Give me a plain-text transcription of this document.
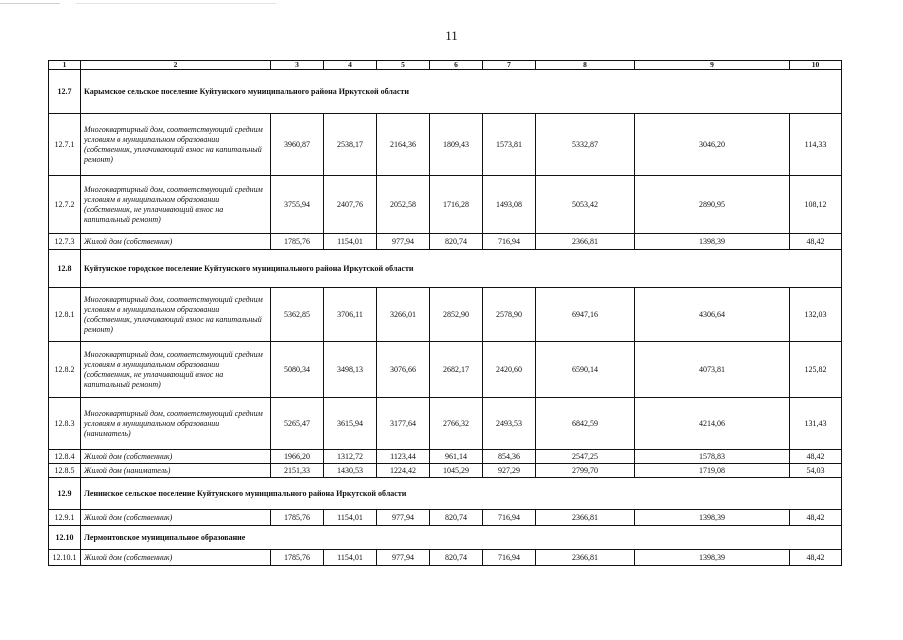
11
1	2	3	4	5	6	7	8	9	10
12.7	Карымское сельское поселение Куйтунского муниципального района Иркутской области								
12.7.1	Многоквартирный дом, соответствующий средним условиям в муниципальном образовании (собственник, уплачивающий взнос на капитальный ремонт)	3960,87	2538,17	2164,36	1809,43	1573,81	5332,87	3046,20	114,33
12.7.2	Многоквартирный дом, соответствующий средним условиям в муниципальном образовании (собственник, не уплачивающий взнос на капитальный ремонт)	3755,94	2407,76	2052,58	1716,28	1493,08	5053,42	2890,95	108,12
12.7.3	Жилой дом (собственник)	1785,76	1154,01	977,94	820,74	716,94	2366,81	1398,39	48,42
12.8	Куйтунское городское поселение Куйтунского муниципального района Иркутской области								
12.8.1	Многоквартирный дом, соответствующий средним условиям в муниципальном образовании (собственник, уплачивающий взнос на капитальный ремонт)	5362,85	3706,11	3266,01	2852,90	2578,90	6947,16	4306,64	132,03
12.8.2	Многоквартирный дом, соответствующий средним условиям в муниципальном образовании (собственник, не уплачивающий взнос на капитальный ремонт)	5080,34	3498,13	3076,66	2682,17	2420,60	6590,14	4073,81	125,82
12.8.3	Многоквартирный дом, соответствующий средним условиям в муниципальном образовании (наниматель)	5265,47	3615,94	3177,64	2766,32	2493,53	6842,59	4214,06	131,43
12.8.4	Жилой дом (собственник)	1966,20	1312,72	1123,44	961,14	854,36	2547,25	1578,83	48,42
12.8.5	Жилой дом (наниматель)	2151,33	1430,53	1224,42	1045,29	927,29	2799,70	1719,08	54,03
12.9	Ленинское сельское поселение Куйтунского муниципального района Иркутской области								
12.9.1	Жилой дом (собственник)	1785,76	1154,01	977,94	820,74	716,94	2366,81	1398,39	48,42
12.10	Лермонтовское муниципальное образование								
12.10.1	Жилой дом (собственник)	1785,76	1154,01	977,94	820,74	716,94	2366,81	1398,39	48,42
